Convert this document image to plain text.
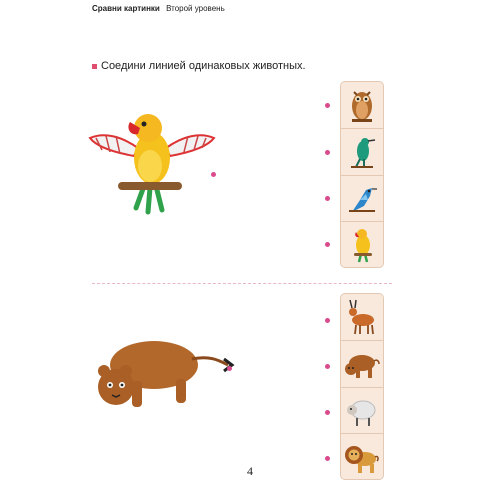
Сравни картинки Второй уровень
Соедини линией одинаковых животных.
4
